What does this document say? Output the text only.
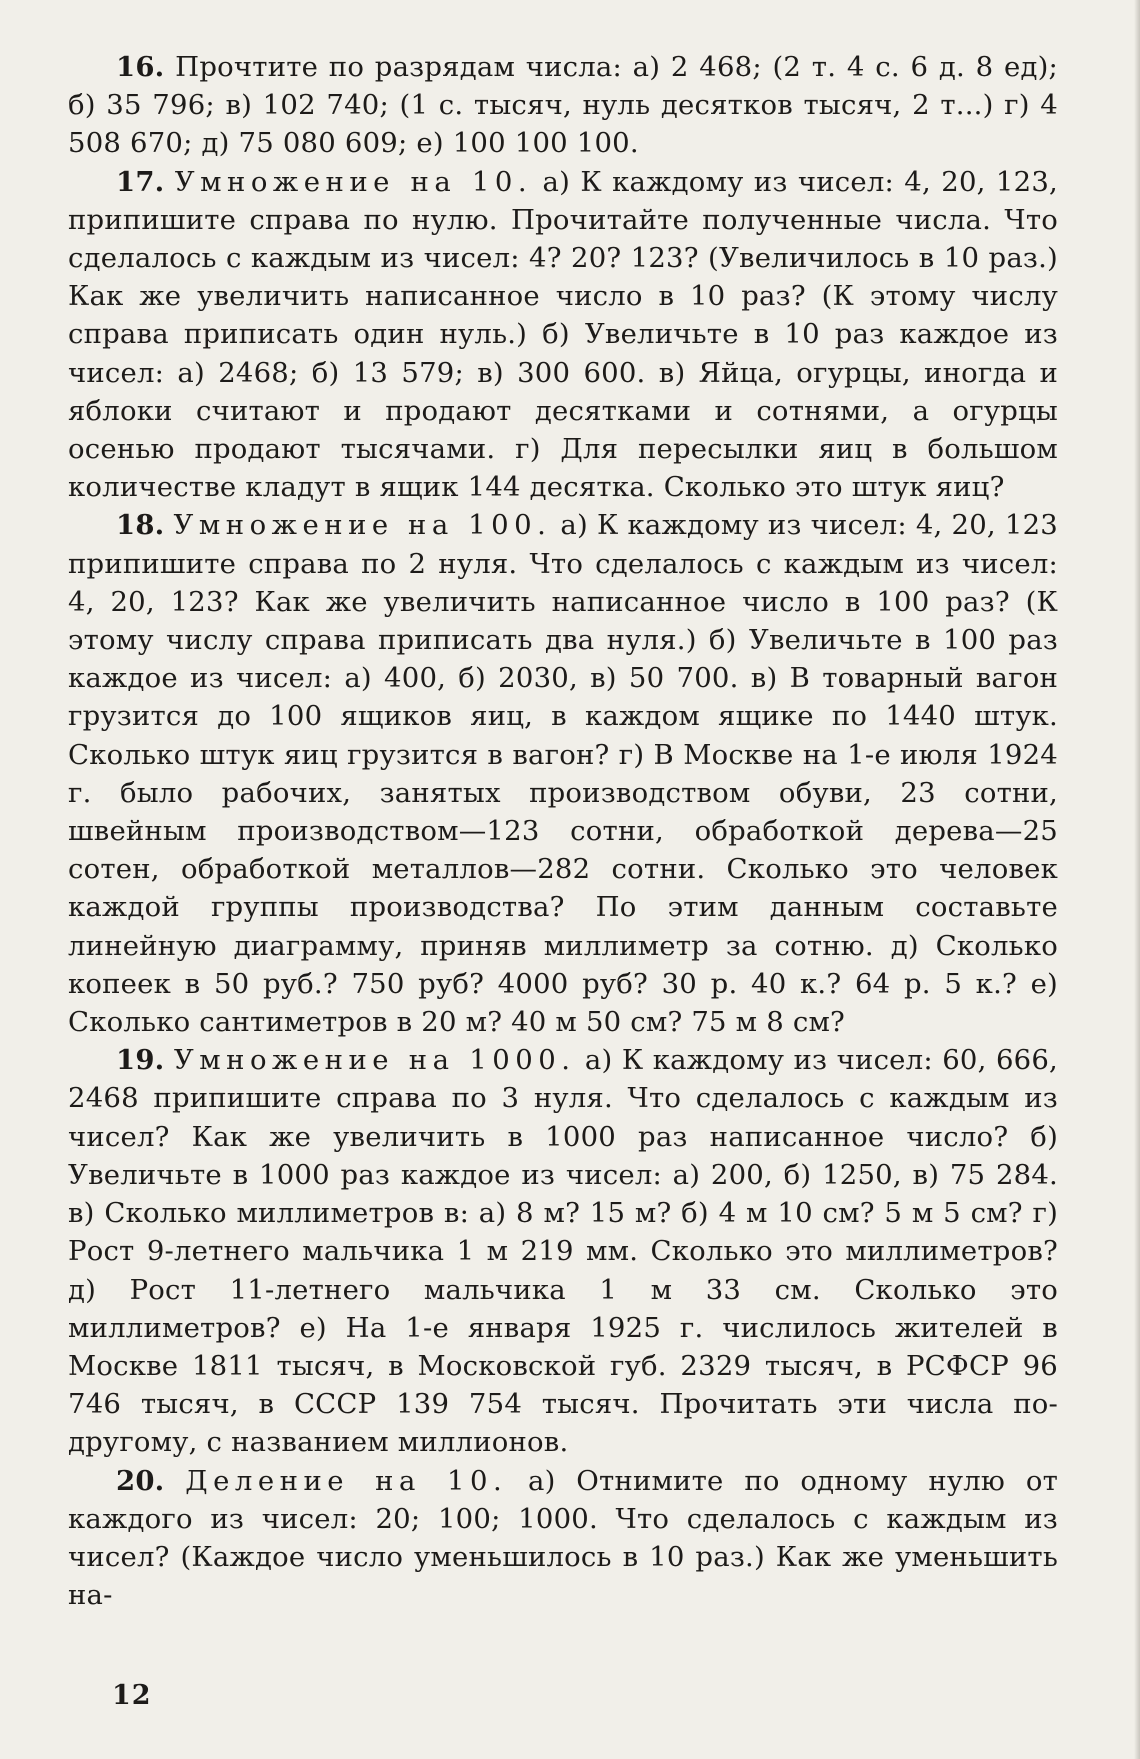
16. Прочтите по разрядам числа: а) 2 468; (2 т. 4 с. 6 д. 8 ед); б) 35 796; в) 102 740; (1 с. тысяч, нуль десятков тысяч, 2 т...) г) 4 508 670; д) 75 080 609; е) 100 100 100.

17. Умножение на 10. а) К каждому из чисел: 4, 20, 123, припишите справа по нулю. Прочитайте полученные числа. Что сделалось с каждым из чисел: 4? 20? 123? (Увеличилось в 10 раз.) Как же увеличить написанное число в 10 раз? (К этому числу справа приписать один нуль.) б) Увеличьте в 10 раз каждое из чисел: а) 2468; б) 13 579; в) 300 600. в) Яйца, огурцы, иногда и яблоки считают и продают десятками и сотнями, а огурцы осенью продают тысячами. г) Для пересылки яиц в большом количестве кладут в ящик 144 десятка. Сколько это штук яиц?

18. Умножение на 100. а) К каждому из чисел: 4, 20, 123 припишите справа по 2 нуля. Что сделалось с каждым из чисел: 4, 20, 123? Как же увеличить написанное число в 100 раз? (К этому числу справа приписать два нуля.) б) Увеличьте в 100 раз каждое из чисел: а) 400, б) 2030, в) 50 700. в) В товарный вагон грузится до 100 ящиков яиц, в каждом ящике по 1440 штук. Сколько штук яиц грузится в вагон? г) В Москве на 1-е июля 1924 г. было рабочих, занятых производством обуви, 23 сотни, швейным производством—123 сотни, обработкой дерева—25 сотен, обработкой металлов—282 сотни. Сколько это человек каждой группы производства? По этим данным составьте линейную диаграмму, приняв миллиметр за сотню. д) Сколько копеек в 50 руб.? 750 руб? 4000 руб? 30 р. 40 к.? 64 р. 5 к.? е) Сколько сантиметров в 20 м? 40 м 50 см? 75 м 8 см?

19. Умножение на 1000. а) К каждому из чисел: 60, 666, 2468 припишите справа по 3 нуля. Что сделалось с каждым из чисел? Как же увеличить в 1000 раз написанное число? б) Увеличьте в 1000 раз каждое из чисел: а) 200, б) 1250, в) 75 284. в) Сколько миллиметров в: а) 8 м? 15 м? б) 4 м 10 см? 5 м 5 см? г) Рост 9-летнего мальчика 1 м 219 мм. Сколько это миллиметров? д) Рост 11-летнего мальчика 1 м 33 см. Сколько это миллиметров? е) На 1-е января 1925 г. числилось жителей в Москве 1811 тысяч, в Московской губ. 2329 тысяч, в РСФСР 96 746 тысяч, в СССР 139 754 тысяч. Прочитать эти числа по-другому, с названием миллионов.

20. Деление на 10. а) Отнимите по одному нулю от каждого из чисел: 20; 100; 1000. Что сделалось с каждым из чисел? (Каждое число уменьшилось в 10 раз.) Как же уменьшить на-

12
